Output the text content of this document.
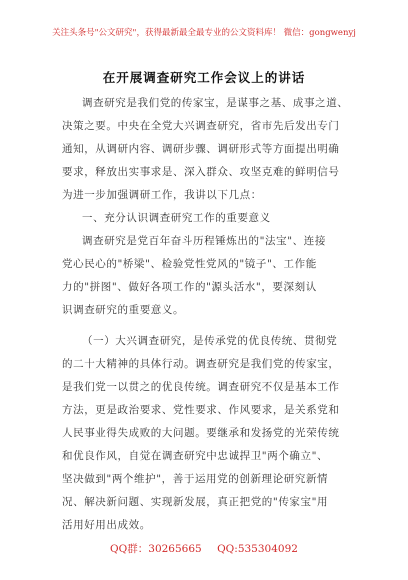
关注头条号"公文研究"，获得最新最全最专业的公文资料库！ 微信：gongwenyj
在开展调查研究工作会议上的讲话
调查研究是我们党的传家宝，是谋事之基、成事之道、
决策之要。中央在全党大兴调查研究，省市先后发出专门
通知，从调研内容、调研步骤、调研形式等方面提出明确
要求，释放出实事求是、深入群众、攻坚克难的鲜明信号
为进一步加强调研工作，我讲以下几点：
一、充分认识调查研究工作的重要意义
调查研究是党百年奋斗历程锤炼出的"法宝"、连接
党心民心的"桥梁"、检验党性党风的"镜子"、工作能
力的"拼图"、做好各项工作的"源头活水"，要深刻认
识调查研究的重要意义。
（一）大兴调查研究，是传承党的优良传统、贯彻党
的二十大精神的具体行动。调查研究是我们党的传家宝，
是我们党一以贯之的优良传统。调查研究不仅是基本工作
方法，更是政治要求、党性要求、作风要求，是关系党和
人民事业得失成败的大问题。要继承和发扬党的光荣传统
和优良作风，自觉在调查研究中忠诚捍卫"两个确立"、
坚决做到"两个维护"，善于运用党的创新理论研究新情
况、解决新问题、实现新发展，真正把党的"传家宝"用
活用好用出成效。
QQ群：30265665 QQ:535304092
